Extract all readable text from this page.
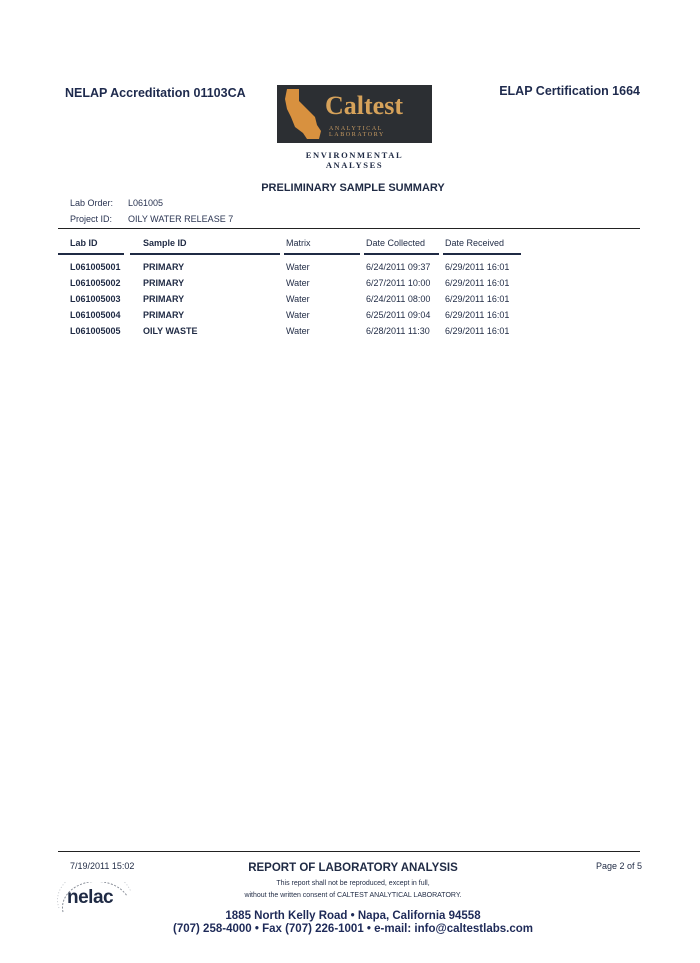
NELAP Accreditation 01103CA	ELAP Certification 1664
Caltest
ANALYTICAL LABORATORY
ENVIRONMENTAL ANALYSES
PRELIMINARY SAMPLE SUMMARY
Lab Order: L061005
Project ID: OILY WATER RELEASE 7
Lab ID	Sample ID	Matrix	Date Collected Date Received
L061005001 PRIMARY	Water	6/24/2011 09:37 6/29/2011 16:01
L061005002 PRIMARY	Water	6/27/2011 10:00 6/29/2011 16:01
L061005003 PRIMARY	Water	6/24/2011 08:00 6/29/2011 16:01
L061005004 PRIMARY	Water	6/25/2011 09:04 6/29/2011 16:01
L061005005 OILY WASTE	Water	6/28/2011 11:30 6/29/2011 16:01
7/19/2011 15:02	REPORT OF LABORATORY ANALYSIS	Page 2 of 5
This report shall not be reproduced, except in full,
without the written consent of CALTEST ANALYTICAL LABORATORY.
1885 North Kelly Road • Napa, California 94558
(707) 258-4000 • Fax (707) 226-1001 • e-mail: info@caltestlabs.com
nelac
